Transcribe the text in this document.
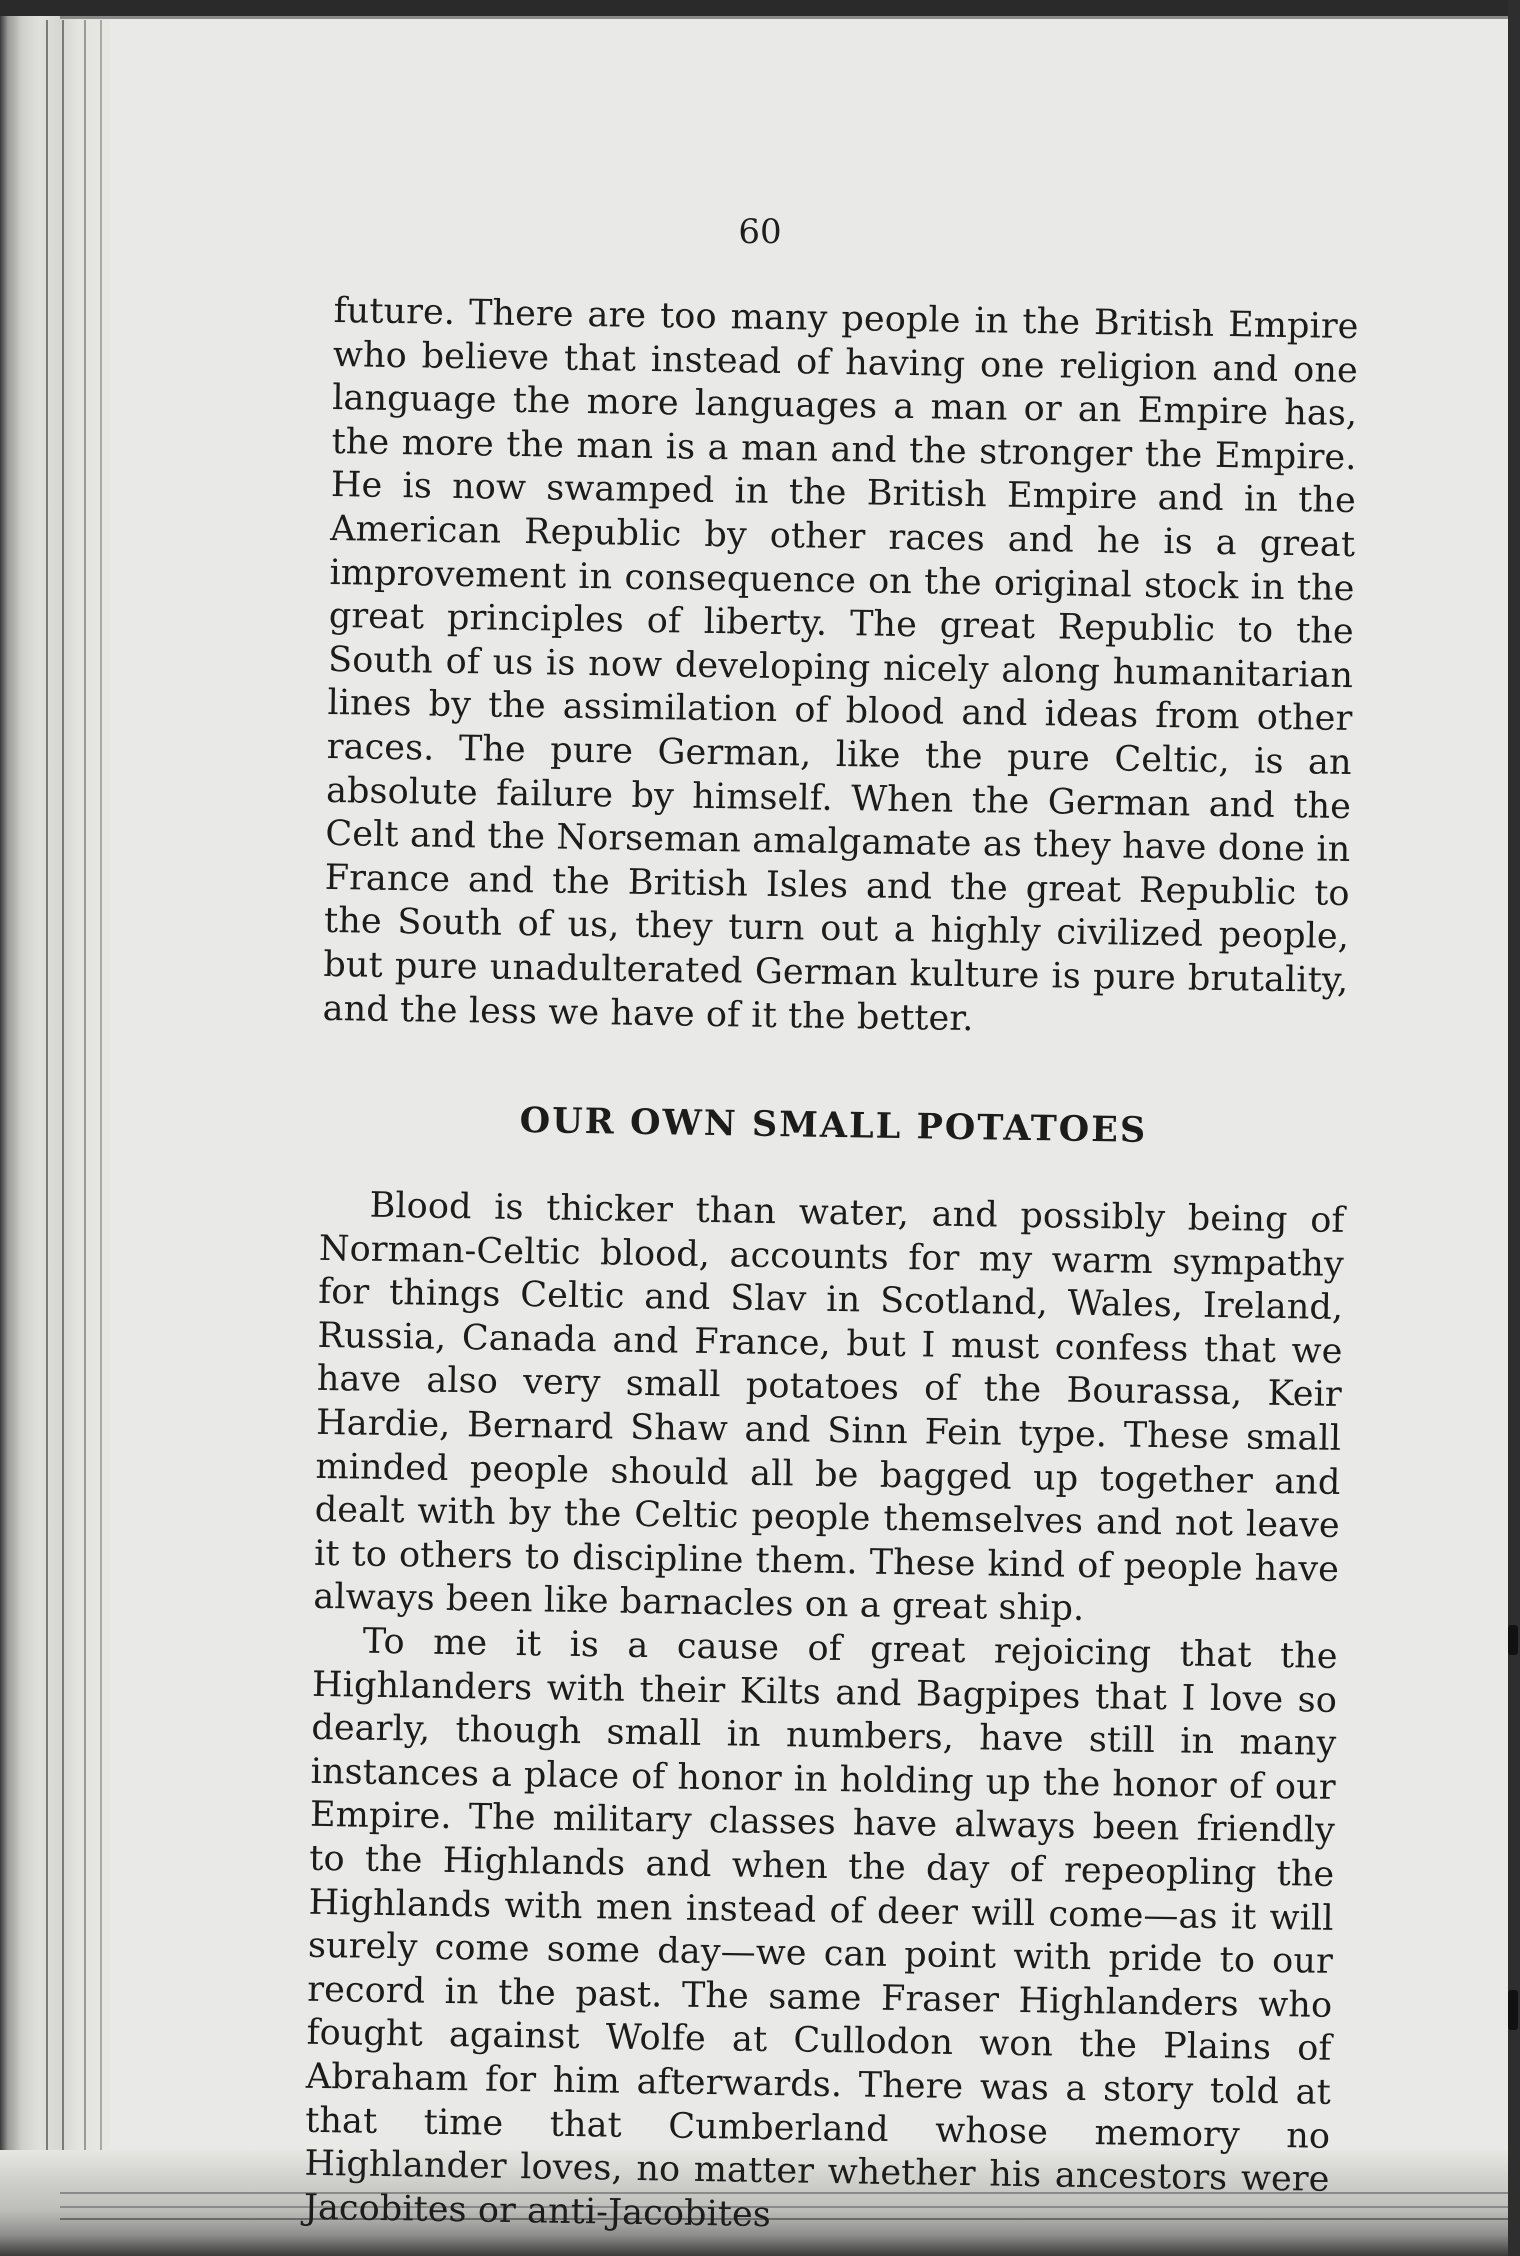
60

future. There are too many people in the British Empire who believe that instead of having one religion and one language the more languages a man or an Empire has, the more the man is a man and the stronger the Empire. He is now swamped in the British Empire and in the American Republic by other races and he is a great improvement in consequence on the original stock in the great principles of liberty. The great Republic to the South of us is now developing nicely along humanitarian lines by the assimilation of blood and ideas from other races. The pure German, like the pure Celtic, is an absolute failure by himself. When the German and the Celt and the Norseman amalgamate as they have done in France and the British Isles and the great Republic to the South of us, they turn out a highly civilized people, but pure unadulterated German kulture is pure brutality, and the less we have of it the better.

OUR OWN SMALL POTATOES

Blood is thicker than water, and possibly being of Norman-Celtic blood, accounts for my warm sympathy for things Celtic and Slav in Scotland, Wales, Ireland, Russia, Canada and France, but I must confess that we have also very small potatoes of the Bourassa, Keir Hardie, Bernard Shaw and Sinn Fein type. These small minded people should all be bagged up together and dealt with by the Celtic people themselves and not leave it to others to discipline them. These kind of people have always been like barnacles on a great ship.

To me it is a cause of great rejoicing that the Highlanders with their Kilts and Bagpipes that I love so dearly, though small in numbers, have still in many instances a place of honor in holding up the honor of our Empire. The military classes have always been friendly to the Highlands and when the day of repeopling the Highlands with men instead of deer will come—as it will surely come some day—we can point with pride to our record in the past. The same Fraser Highlanders who fought against Wolfe at Cullodon won the Plains of Abraham for him afterwards. There was a story told at that time that Cumberland whose memory no Highlander loves, no matter whether his ancestors were Jacobites or anti-Jacobites
